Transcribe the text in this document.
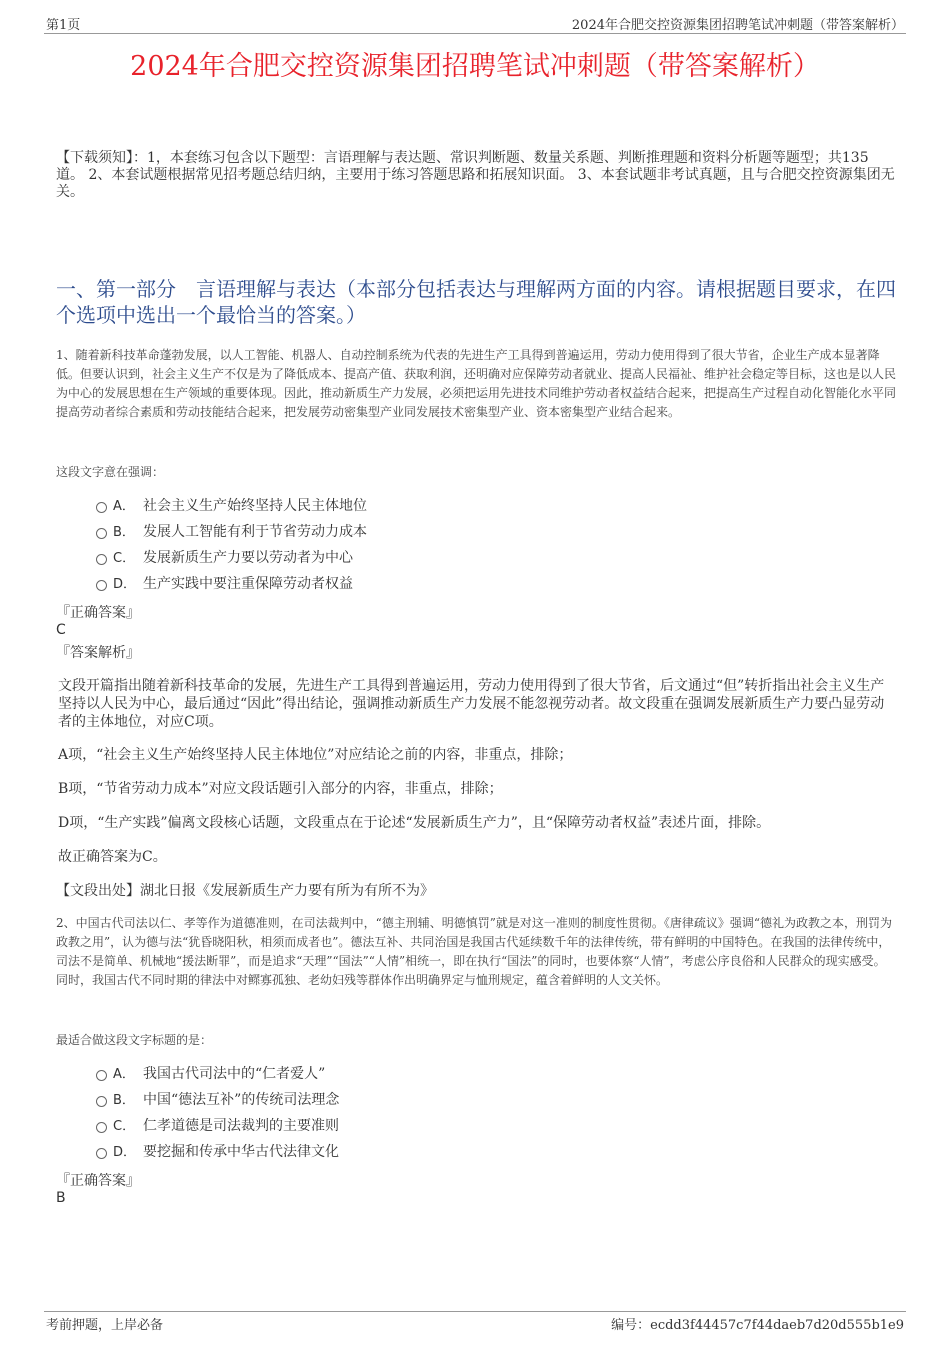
第1页	2024年合肥交控资源集团招聘笔试冲刺题（带答案解析）
2024年合肥交控资源集团招聘笔试冲刺题（带答案解析）
【下载须知】：1，本套练习包含以下题型：言语理解与表达题、常识判断题、数量关系题、判断推理题和资料分析题等题型；共135道。 2、本套试题根据常见招考题总结归纳，主要用于练习答题思路和拓展知识面。 3、本套试题非考试真题，且与合肥交控资源集团无关。
一、第一部分　言语理解与表达（本部分包括表达与理解两方面的内容。请根据题目要求，在四个选项中选出一个最恰当的答案。）
1、随着新科技革命蓬勃发展，以人工智能、机器人、自动控制系统为代表的先进生产工具得到普遍运用，劳动力使用得到了很大节省，企业生产成本显著降低。但要认识到，社会主义生产不仅是为了降低成本、提高产值、获取利润，还明确对应保障劳动者就业、提高人民福祉、维护社会稳定等目标，这也是以人民为中心的发展思想在生产领域的重要体现。因此，推动新质生产力发展，必须把运用先进技术同维护劳动者权益结合起来，把提高生产过程自动化智能化水平同提高劳动者综合素质和劳动技能结合起来，把发展劳动密集型产业同发展技术密集型产业、资本密集型产业结合起来。
这段文字意在强调：
A． 社会主义生产始终坚持人民主体地位
B． 发展人工智能有利于节省劳动力成本
C． 发展新质生产力要以劳动者为中心
D． 生产实践中要注重保障劳动者权益
『正确答案』
C
『答案解析』
文段开篇指出随着新科技革命的发展，先进生产工具得到普遍运用，劳动力使用得到了很大节省，后文通过“但”转折指出社会主义生产坚持以人民为中心，最后通过“因此”得出结论，强调推动新质生产力发展不能忽视劳动者。故文段重在强调发展新质生产力要凸显劳动者的主体地位，对应C项。
A项，“社会主义生产始终坚持人民主体地位”对应结论之前的内容，非重点，排除；
B项，“节省劳动力成本”对应文段话题引入部分的内容，非重点，排除；
D项，“生产实践”偏离文段核心话题，文段重点在于论述“发展新质生产力”，且“保障劳动者权益”表述片面，排除。
故正确答案为C。
【文段出处】湖北日报《发展新质生产力要有所为有所不为》
2、中国古代司法以仁、孝等作为道德准则，在司法裁判中，“德主刑辅、明德慎罚”就是对这一准则的制度性贯彻。《唐律疏议》强调“德礼为政教之本，刑罚为政教之用”，认为德与法“犹昏晓阳秋，相须而成者也”。德法互补、共同治国是我国古代延续数千年的法律传统，带有鲜明的中国特色。在我国的法律传统中，司法不是简单、机械地“援法断罪”，而是追求“天理”“国法”“人情”相统一，即在执行“国法”的同时，也要体察“人情”，考虑公序良俗和人民群众的现实感受。同时，我国古代不同时期的律法中对鳏寡孤独、老幼妇残等群体作出明确界定与恤刑规定，蕴含着鲜明的人文关怀。
最适合做这段文字标题的是：
A． 我国古代司法中的“仁者爱人”
B． 中国“德法互补”的传统司法理念
C． 仁孝道德是司法裁判的主要准则
D． 要挖掘和传承中华古代法律文化
『正确答案』
B
考前押题，上岸必备	编号：ecdd3f44457c7f44daeb7d20d555b1e9
